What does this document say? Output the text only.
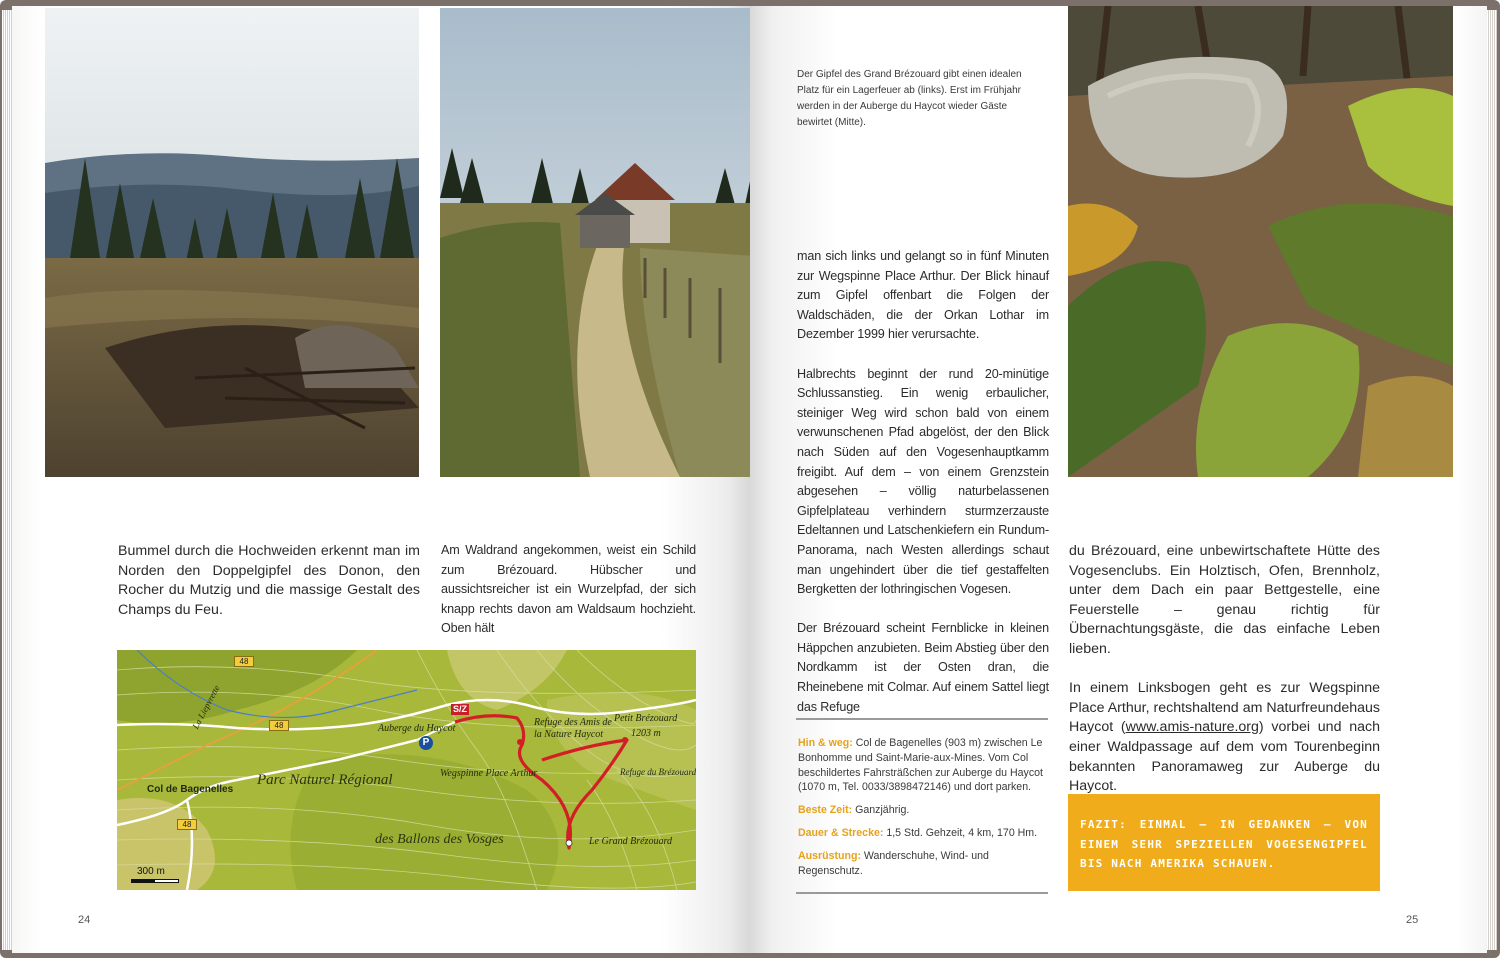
Bummel durch die Hochweiden erkennt man im Norden den Doppelgipfel des Donon, den Rocher du Mutzig und die massige Gestalt des Champs du Feu.
Am Waldrand angekommen, weist ein Schild zum Brézouard. Hübscher und aussichtsreicher ist ein Wurzelpfad, der sich knapp rechts davon am Waldsaum hochzieht. Oben hält
48
48
48
La Liepvrette	S/Z
Auberge du Haycot
P
Refuge des Amis de la Nature Haycot
Petit Brézouard
1203 m
Refuge du Brézouard
Wegspinne Place Arthur
Col de Bagenelles
Parc Naturel Régional
des Ballons des Vosges	Le Grand Brézouard
300 m
24
Der Gipfel des Grand Brézouard gibt einen idealen Platz für ein Lagerfeuer ab (links). Erst im Frühjahr werden in der Auberge du Haycot wieder Gäste bewirtet (Mitte).

man sich links und gelangt so in fünf Minuten zur Wegspinne Place Arthur. Der Blick hinauf zum Gipfel offenbart die Folgen der Waldschäden, die der Orkan Lothar im Dezember 1999 hier verursachte.

Halbrechts beginnt der rund 20-minütige Schlussanstieg. Ein wenig erbaulicher, steiniger Weg wird schon bald von einem verwunschenen Pfad abgelöst, der den Blick nach Süden auf den Vogesenhauptkamm freigibt. Auf dem – von einem Grenzstein abgesehen – völlig naturbelassenen Gipfelplateau verhindern sturmzerzauste Edeltannen und Latschenkiefern ein Rundum-Panorama, nach Westen allerdings schaut man ungehindert über die tief gestaffelten Bergketten der lothringischen Vogesen.

Der Brézouard scheint Fernblicke in kleinen Häppchen anzubieten. Beim Abstieg über den Nordkamm ist der Osten dran, die Rheinebene mit Colmar. Auf einem Sattel liegt das Refuge

du Brézouard, eine unbewirtschaftete Hütte des Vogesenclubs. Ein Holztisch, Ofen, Brennholz, unter dem Dach ein paar Bettgestelle, eine Feuerstelle – genau richtig für Übernachtungsgäste, die das einfache Leben lieben.

In einem Linksbogen geht es zur Wegspinne Place Arthur, rechtshaltend am Naturfreundehaus Haycot (www.amis-nature.org) vorbei und nach einer Waldpassage auf dem vom Tourenbeginn bekannten Panoramaweg zur Auberge du Haycot.

Hin & weg: Col de Bagenelles (903 m) zwischen Le Bonhomme und Saint-Marie-aux-Mines. Vom Col beschildertes Fahrsträßchen zur Auberge du Haycot (1070 m, Tel. 0033/3898472146) und dort parken.
Beste Zeit: Ganzjährig.
Dauer & Strecke: 1,5 Std. Gehzeit, 4 km, 170 Hm.
Ausrüstung: Wanderschuhe, Wind- und Regenschutz.
FAZIT: EINMAL – IN GEDANKEN – VON EINEM SEHR SPEZIELLEN VOGESENGIPFEL BIS NACH AMERIKA SCHAUEN.
25
